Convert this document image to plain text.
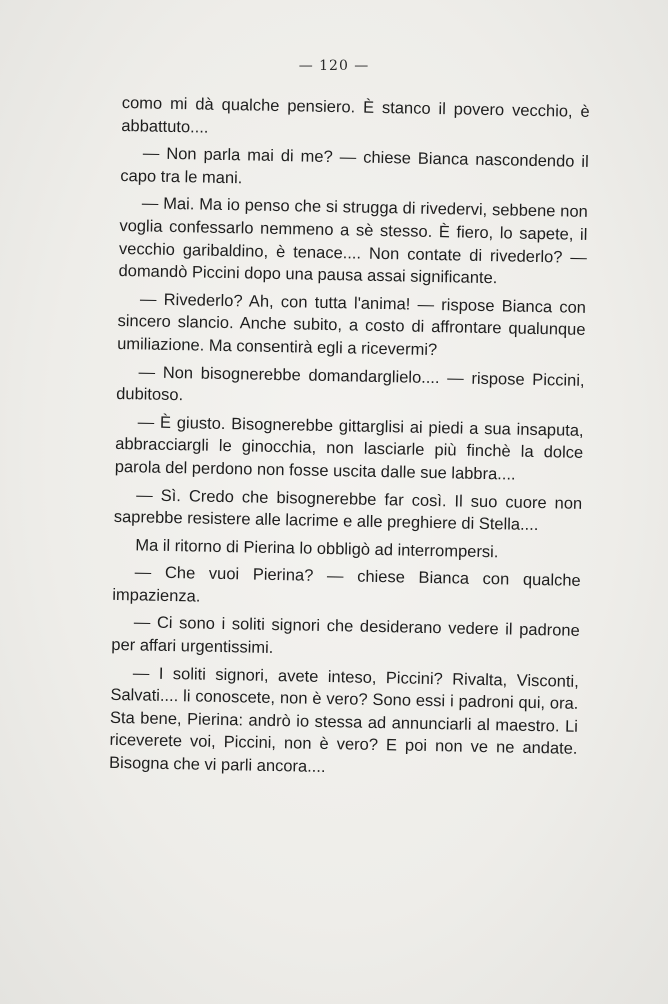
— 120 —

como mi dà qualche pensiero. È stanco il povero vecchio, è abbattuto....

— Non parla mai di me? — chiese Bianca nascondendo il capo tra le mani.

— Mai. Ma io penso che si strugga di rivedervi, sebbene non voglia confessarlo nemmeno a sè stesso. È fiero, lo sapete, il vecchio garibaldino, è tenace.... Non contate di rivederlo? — domandò Piccini dopo una pausa assai significante.

— Rivederlo? Ah, con tutta l'anima! — rispose Bianca con sincero slancio. Anche subito, a costo di affrontare qualunque umiliazione. Ma consentirà egli a ricevermi?

— Non bisognerebbe domandarglielo.... — rispose Piccini, dubitoso.

— È giusto. Bisognerebbe gittarglisi ai piedi a sua insaputa, abbracciargli le ginocchia, non lasciarle più finchè la dolce parola del perdono non fosse uscita dalle sue labbra....

— Sì. Credo che bisognerebbe far così. Il suo cuore non saprebbe resistere alle lacrime e alle preghiere di Stella....

Ma il ritorno di Pierina lo obbligò ad interrompersi.

— Che vuoi Pierina? — chiese Bianca con qualche impazienza.

— Ci sono i soliti signori che desiderano vedere il padrone per affari urgentissimi.

— I soliti signori, avete inteso, Piccini? Rivalta, Visconti, Salvati.... li conoscete, non è vero? Sono essi i padroni qui, ora. Sta bene, Pierina: andrò io stessa ad annunciarli al maestro. Li riceverete voi, Piccini, non è vero? E poi non ve ne andate. Bisogna che vi parli ancora....
